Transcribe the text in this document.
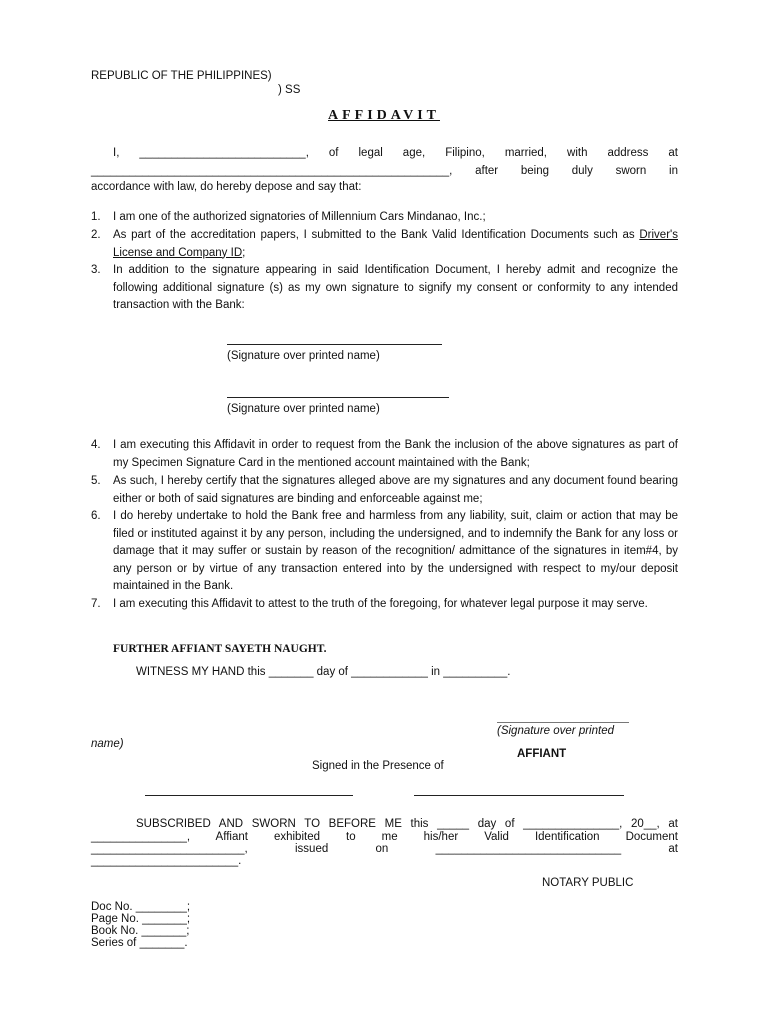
REPUBLIC OF THE PHILIPPINES)
) SS
AFFIDAVIT
I, __________________________, of legal age, Filipino, married, with address at
________________________________________________________, after being duly sworn in
accordance with law, do hereby depose and say that:
1. I am one of the authorized signatories of Millennium Cars Mindanao, Inc.;
2. As part of the accreditation papers, I submitted to the Bank Valid Identification Documents such as Driver's License and Company ID;
3. In addition to the signature appearing in said Identification Document, I hereby admit and recognize the following additional signature (s) as my own signature to signify my consent or conformity to any intended transaction with the Bank:
(Signature over printed name)
(Signature over printed name)
4. I am executing this Affidavit in order to request from the Bank the inclusion of the above signatures as part of my Specimen Signature Card in the mentioned account maintained with the Bank;
5. As such, I hereby certify that the signatures alleged above are my signatures and any document found bearing either or both of said signatures are binding and enforceable against me;
6. I do hereby undertake to hold the Bank free and harmless from any liability, suit, claim or action that may be filed or instituted against it by any person, including the undersigned, and to indemnify the Bank for any loss or damage that it may suffer or sustain by reason of the recognition/ admittance of the signatures in item#4, by any person or by virtue of any transaction entered into by the undersigned with respect to my/our deposit maintained in the Bank.
7. I am executing this Affidavit to attest to the truth of the foregoing, for whatever legal purpose it may serve.
FURTHER AFFIANT SAYETH NAUGHT.
WITNESS MY HAND this _______ day of ____________ in __________.
(Signature over printed
name)
AFFIANT
Signed in the Presence of
SUBSCRIBED AND SWORN TO BEFORE ME this _____ day of _______________, 20__, at
_______________, Affiant exhibited to me his/her Valid Identification Document
________________________, issued on _____________________________ at
_______________________.
NOTARY PUBLIC
Doc No. ________;
Page No. _______;
Book No. _______;
Series of _______.
